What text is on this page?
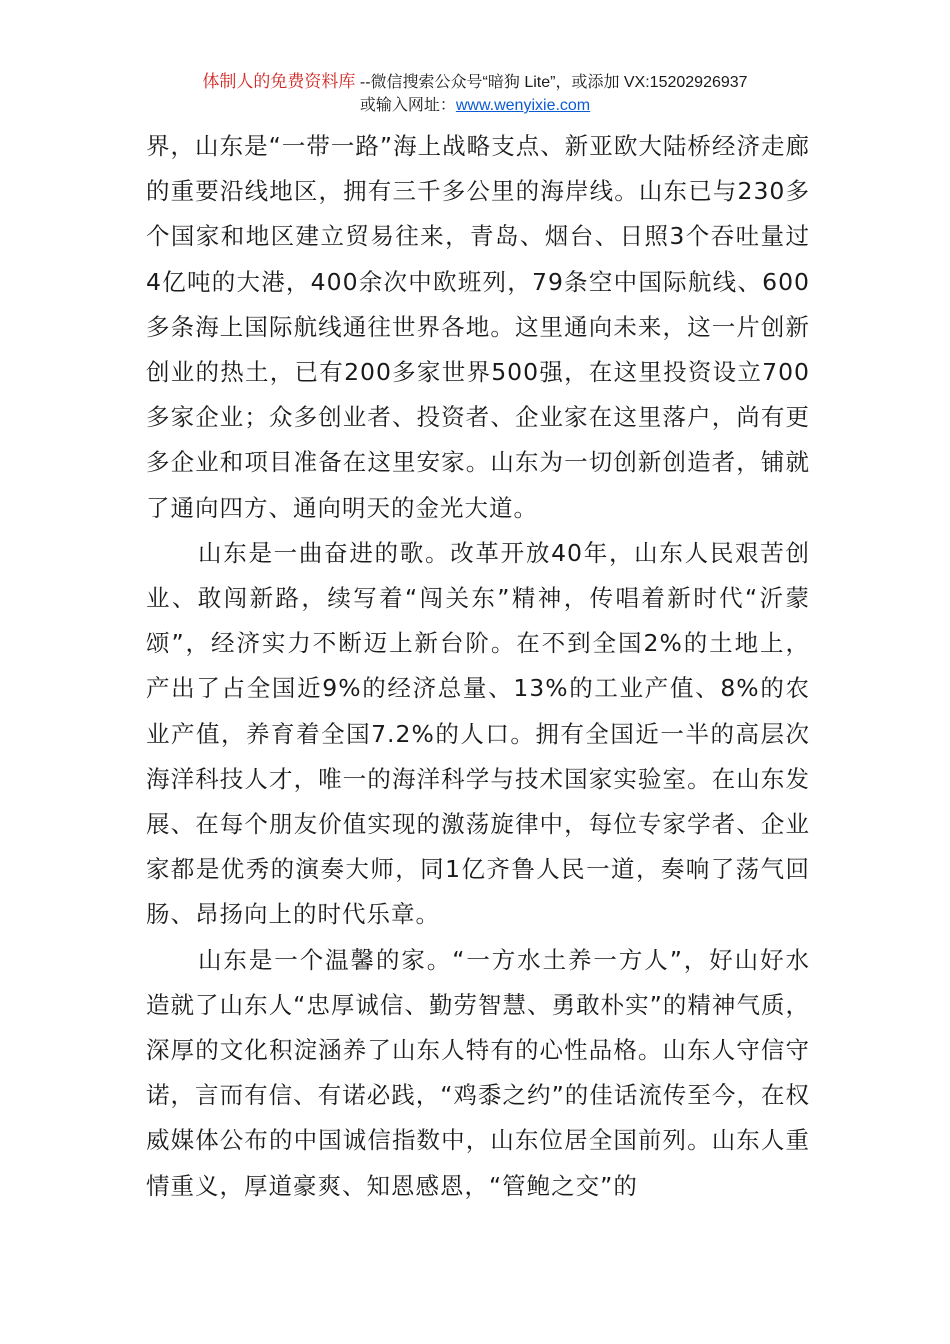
体制人的免费资料库 --微信搜索公众号“暗狗 Lite”，或添加 VX:15202926937
或输入网址：www.wenyixie.com

界，山东是“一带一路”海上战略支点、新亚欧大陆桥经济走廊的重要沿线地区，拥有三千多公里的海岸线。山东已与230多个国家和地区建立贸易往来，青岛、烟台、日照3个吞吐量过4亿吨的大港，400余次中欧班列，79条空中国际航线、600多条海上国际航线通往世界各地。这里通向未来，这一片创新创业的热土，已有200多家世界500强，在这里投资设立700多家企业；众多创业者、投资者、企业家在这里落户，尚有更多企业和项目准备在这里安家。山东为一切创新创造者，铺就了通向四方、通向明天的金光大道。

山东是一曲奋进的歌。改革开放40年，山东人民艰苦创业、敢闯新路，续写着“闯关东”精神，传唱着新时代“沂蒙颂”，经济实力不断迈上新台阶。在不到全国2%的土地上，产出了占全国近9%的经济总量、13%的工业产值、8%的农业产值，养育着全国7.2%的人口。拥有全国近一半的高层次海洋科技人才，唯一的海洋科学与技术国家实验室。在山东发展、在每个朋友价值实现的激荡旋律中，每位专家学者、企业家都是优秀的演奏大师，同1亿齐鲁人民一道，奏响了荡气回肠、昂扬向上的时代乐章。

山东是一个温馨的家。“一方水土养一方人”，好山好水造就了山东人“忠厚诚信、勤劳智慧、勇敢朴实”的精神气质，深厚的文化积淀涵养了山东人特有的心性品格。山东人守信守诺，言而有信、有诺必践，“鸡黍之约”的佳话流传至今，在权威媒体公布的中国诚信指数中，山东位居全国前列。山东人重情重义，厚道豪爽、知恩感恩，“管鲍之交”的
